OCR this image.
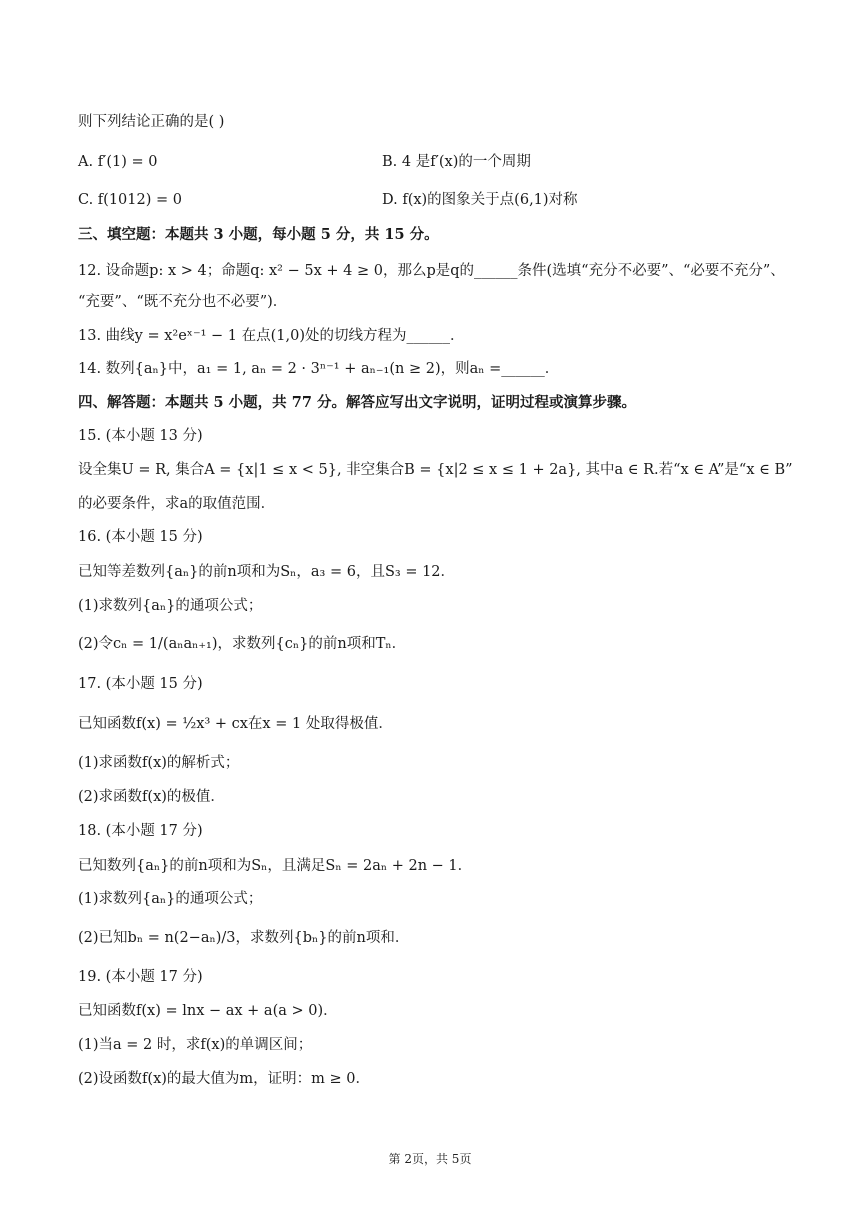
则下列结论正确的是( )
A. f′(1) = 0	B. 4 是f′(x)的一个周期
C. f(1012) = 0	D. f(x)的图象关于点(6,1)对称
三、填空题：本题共 3 小题，每小题 5 分，共 15 分。
12. 设命题p: x > 4；命题q: x² − 5x + 4 ≥ 0，那么p是q的______条件(选填“充分不必要”、“必要不充分”、
“充要”、“既不充分也不必要”)．
13. 曲线y = x²eˣ⁻¹ − 1 在点(1,0)处的切线方程为______．
14. 数列{aₙ}中，a₁ = 1, aₙ = 2 · 3ⁿ⁻¹ + aₙ₋₁(n ≥ 2)，则aₙ =______．
四、解答题：本题共 5 小题，共 77 分。解答应写出文字说明，证明过程或演算步骤。
15. (本小题 13 分)
设全集U = R, 集合A = {x|1 ≤ x < 5}, 非空集合B = {x|2 ≤ x ≤ 1 + 2a}, 其中a ∈ R.若“x ∈ A”是“x ∈ B”
的必要条件，求a的取值范围．
16. (本小题 15 分)
已知等差数列{aₙ}的前n项和为Sₙ，a₃ = 6，且S₃ = 12．
(1)求数列{aₙ}的通项公式；
(2)令cₙ = 1/(aₙaₙ₊₁)，求数列{cₙ}的前n项和Tₙ．
17. (本小题 15 分)
已知函数f(x) = ½x³ + cx在x = 1 处取得极值．
(1)求函数f(x)的解析式；
(2)求函数f(x)的极值．
18. (本小题 17 分)
已知数列{aₙ}的前n项和为Sₙ，且满足Sₙ = 2aₙ + 2n − 1．
(1)求数列{aₙ}的通项公式；
(2)已知bₙ = n(2−aₙ)/3，求数列{bₙ}的前n项和．
19. (本小题 17 分)
已知函数f(x) = lnx − ax + a(a > 0)．
(1)当a = 2 时，求f(x)的单调区间；
(2)设函数f(x)的最大值为m，证明：m ≥ 0．
第 2页，共 5页
